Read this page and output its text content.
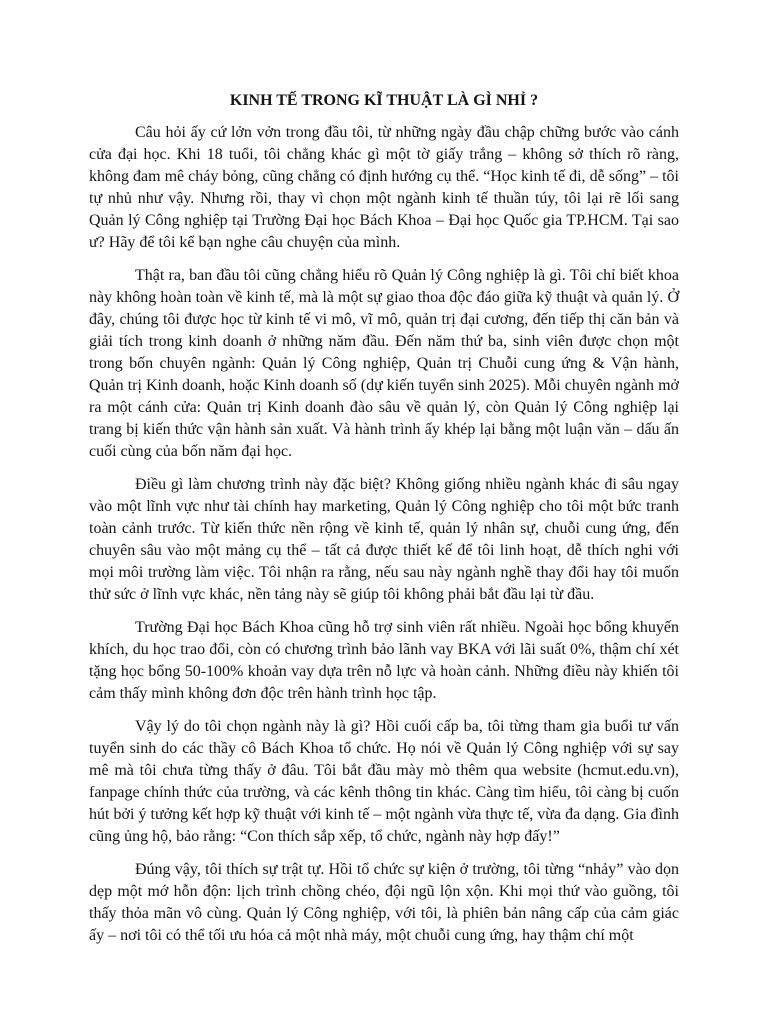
KINH TẾ TRONG KĨ THUẬT LÀ GÌ NHỈ ?

Câu hỏi ấy cứ lởn vởn trong đầu tôi, từ những ngày đầu chập chững bước vào cánh cửa đại học. Khi 18 tuổi, tôi chẳng khác gì một tờ giấy trắng – không sở thích rõ ràng, không đam mê cháy bỏng, cũng chẳng có định hướng cụ thể. “Học kinh tế đi, dễ sống” – tôi tự nhủ như vậy. Nhưng rồi, thay vì chọn một ngành kinh tế thuần túy, tôi lại rẽ lối sang Quản lý Công nghiệp tại Trường Đại học Bách Khoa – Đại học Quốc gia TP.HCM. Tại sao ư? Hãy để tôi kể bạn nghe câu chuyện của mình.

Thật ra, ban đầu tôi cũng chẳng hiểu rõ Quản lý Công nghiệp là gì. Tôi chỉ biết khoa này không hoàn toàn về kinh tế, mà là một sự giao thoa độc đáo giữa kỹ thuật và quản lý. Ở đây, chúng tôi được học từ kinh tế vi mô, vĩ mô, quản trị đại cương, đến tiếp thị căn bản và giải tích trong kinh doanh ở những năm đầu. Đến năm thứ ba, sinh viên được chọn một trong bốn chuyên ngành: Quản lý Công nghiệp, Quản trị Chuỗi cung ứng & Vận hành, Quản trị Kinh doanh, hoặc Kinh doanh số (dự kiến tuyển sinh 2025). Mỗi chuyên ngành mở ra một cánh cửa: Quản trị Kinh doanh đào sâu về quản lý, còn Quản lý Công nghiệp lại trang bị kiến thức vận hành sản xuất. Và hành trình ấy khép lại bằng một luận văn – dấu ấn cuối cùng của bốn năm đại học.

Điều gì làm chương trình này đặc biệt? Không giống nhiều ngành khác đi sâu ngay vào một lĩnh vực như tài chính hay marketing, Quản lý Công nghiệp cho tôi một bức tranh toàn cảnh trước. Từ kiến thức nền rộng về kinh tế, quản lý nhân sự, chuỗi cung ứng, đến chuyên sâu vào một mảng cụ thể – tất cả được thiết kế để tôi linh hoạt, dễ thích nghi với mọi môi trường làm việc. Tôi nhận ra rằng, nếu sau này ngành nghề thay đổi hay tôi muốn thử sức ở lĩnh vực khác, nền tảng này sẽ giúp tôi không phải bắt đầu lại từ đầu.

Trường Đại học Bách Khoa cũng hỗ trợ sinh viên rất nhiều. Ngoài học bổng khuyến khích, du học trao đổi, còn có chương trình bảo lãnh vay BKA với lãi suất 0%, thậm chí xét tặng học bổng 50-100% khoản vay dựa trên nỗ lực và hoàn cảnh. Những điều này khiến tôi cảm thấy mình không đơn độc trên hành trình học tập.

Vậy lý do tôi chọn ngành này là gì? Hồi cuối cấp ba, tôi từng tham gia buổi tư vấn tuyển sinh do các thầy cô Bách Khoa tổ chức. Họ nói về Quản lý Công nghiệp với sự say mê mà tôi chưa từng thấy ở đâu. Tôi bắt đầu mày mò thêm qua website (hcmut.edu.vn), fanpage chính thức của trường, và các kênh thông tin khác. Càng tìm hiểu, tôi càng bị cuốn hút bởi ý tưởng kết hợp kỹ thuật với kinh tế – một ngành vừa thực tế, vừa đa dạng. Gia đình cũng ủng hộ, bảo rằng: “Con thích sắp xếp, tổ chức, ngành này hợp đấy!”

Đúng vậy, tôi thích sự trật tự. Hồi tổ chức sự kiện ở trường, tôi từng “nhảy” vào dọn dẹp một mớ hỗn độn: lịch trình chồng chéo, đội ngũ lộn xộn. Khi mọi thứ vào guồng, tôi thấy thỏa mãn vô cùng. Quản lý Công nghiệp, với tôi, là phiên bản nâng cấp của cảm giác ấy – nơi tôi có thể tối ưu hóa cả một nhà máy, một chuỗi cung ứng, hay thậm chí một
